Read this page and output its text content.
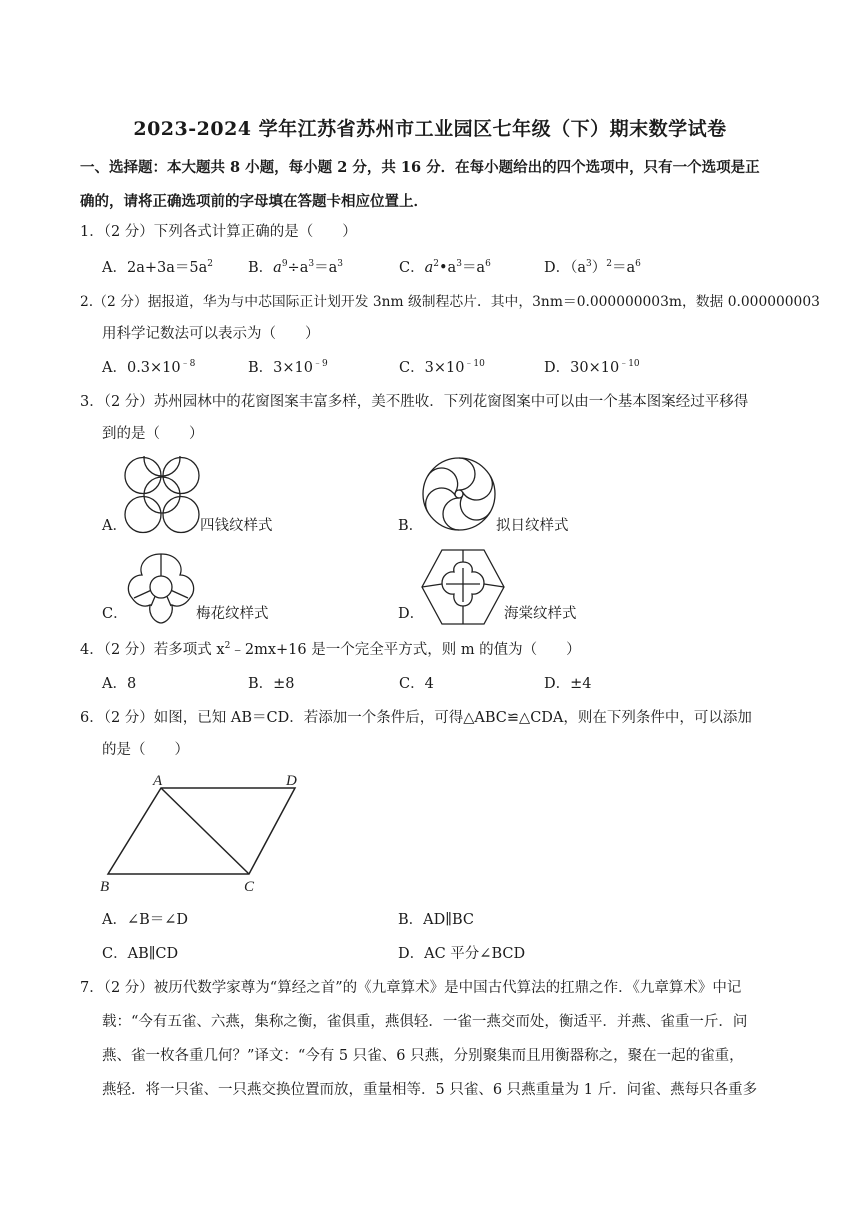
2023-2024 学年江苏省苏州市工业园区七年级（下）期末数学试卷
一、选择题：本大题共 8 小题，每小题 2 分，共 16 分．在每小题给出的四个选项中，只有一个选项是正
确的，请将正确选项前的字母填在答题卡相应位置上．
1．（2 分）下列各式计算正确的是（　　）
A．$2a+3a=5a^2$ B．$a^9\div a^3=a^3$	C．$a^2•a^3=a^6$	D．$(a^3)^2=a^6$
2.（2 分）据报道，华为与中芯国际正计划开发 3nm 级制程芯片．其中，3nm＝0.000000003m，数据 0.000000003
用科学记数法可以表示为（　　）
A．$0.3\times 10^{﹣8}$	B．$3\times 10^{﹣9}$	C．$3\times 10^{﹣10}$	D．$30\times 10^{﹣10}$
3．（2 分）苏州园林中的花窗图案丰富多样，美不胜收．下列花窗图案中可以由一个基本图案经过平移得
到的是（　　）
A．	四钱纹样式	B．	拟日纹样式
C．	梅花纹样式	D．	海棠纹样式
4．（2 分）若多项式 $x^2﹣2mx+16$ 是一个完全平方式，则 m 的值为（　　）
A．8	B．±8	C．4	D．±4
6．（2 分）如图，已知 AB＝CD．若添加一个条件后，可得△ABC≌△CDA，则在下列条件中，可以添加
的是（　　）
A	D
B	C
A．∠B＝∠D	B．AD∥BC
C．AB∥CD	D．AC 平分∠BCD
7．（2 分）被历代数学家尊为“算经之首”的《九章算术》是中国古代算法的扛鼎之作．《九章算术》中记
载：“今有五雀、六燕，集称之衡，雀俱重，燕俱轻．一雀一燕交而处，衡适平．并燕、雀重一斤．问
燕、雀一枚各重几何？”译文：“今有 5 只雀、6 只燕，分别聚集而且用衡器称之，聚在一起的雀重，
燕轻．将一只雀、一只燕交换位置而放，重量相等．5 只雀、6 只燕重量为 1 斤．问雀、燕每只各重多
